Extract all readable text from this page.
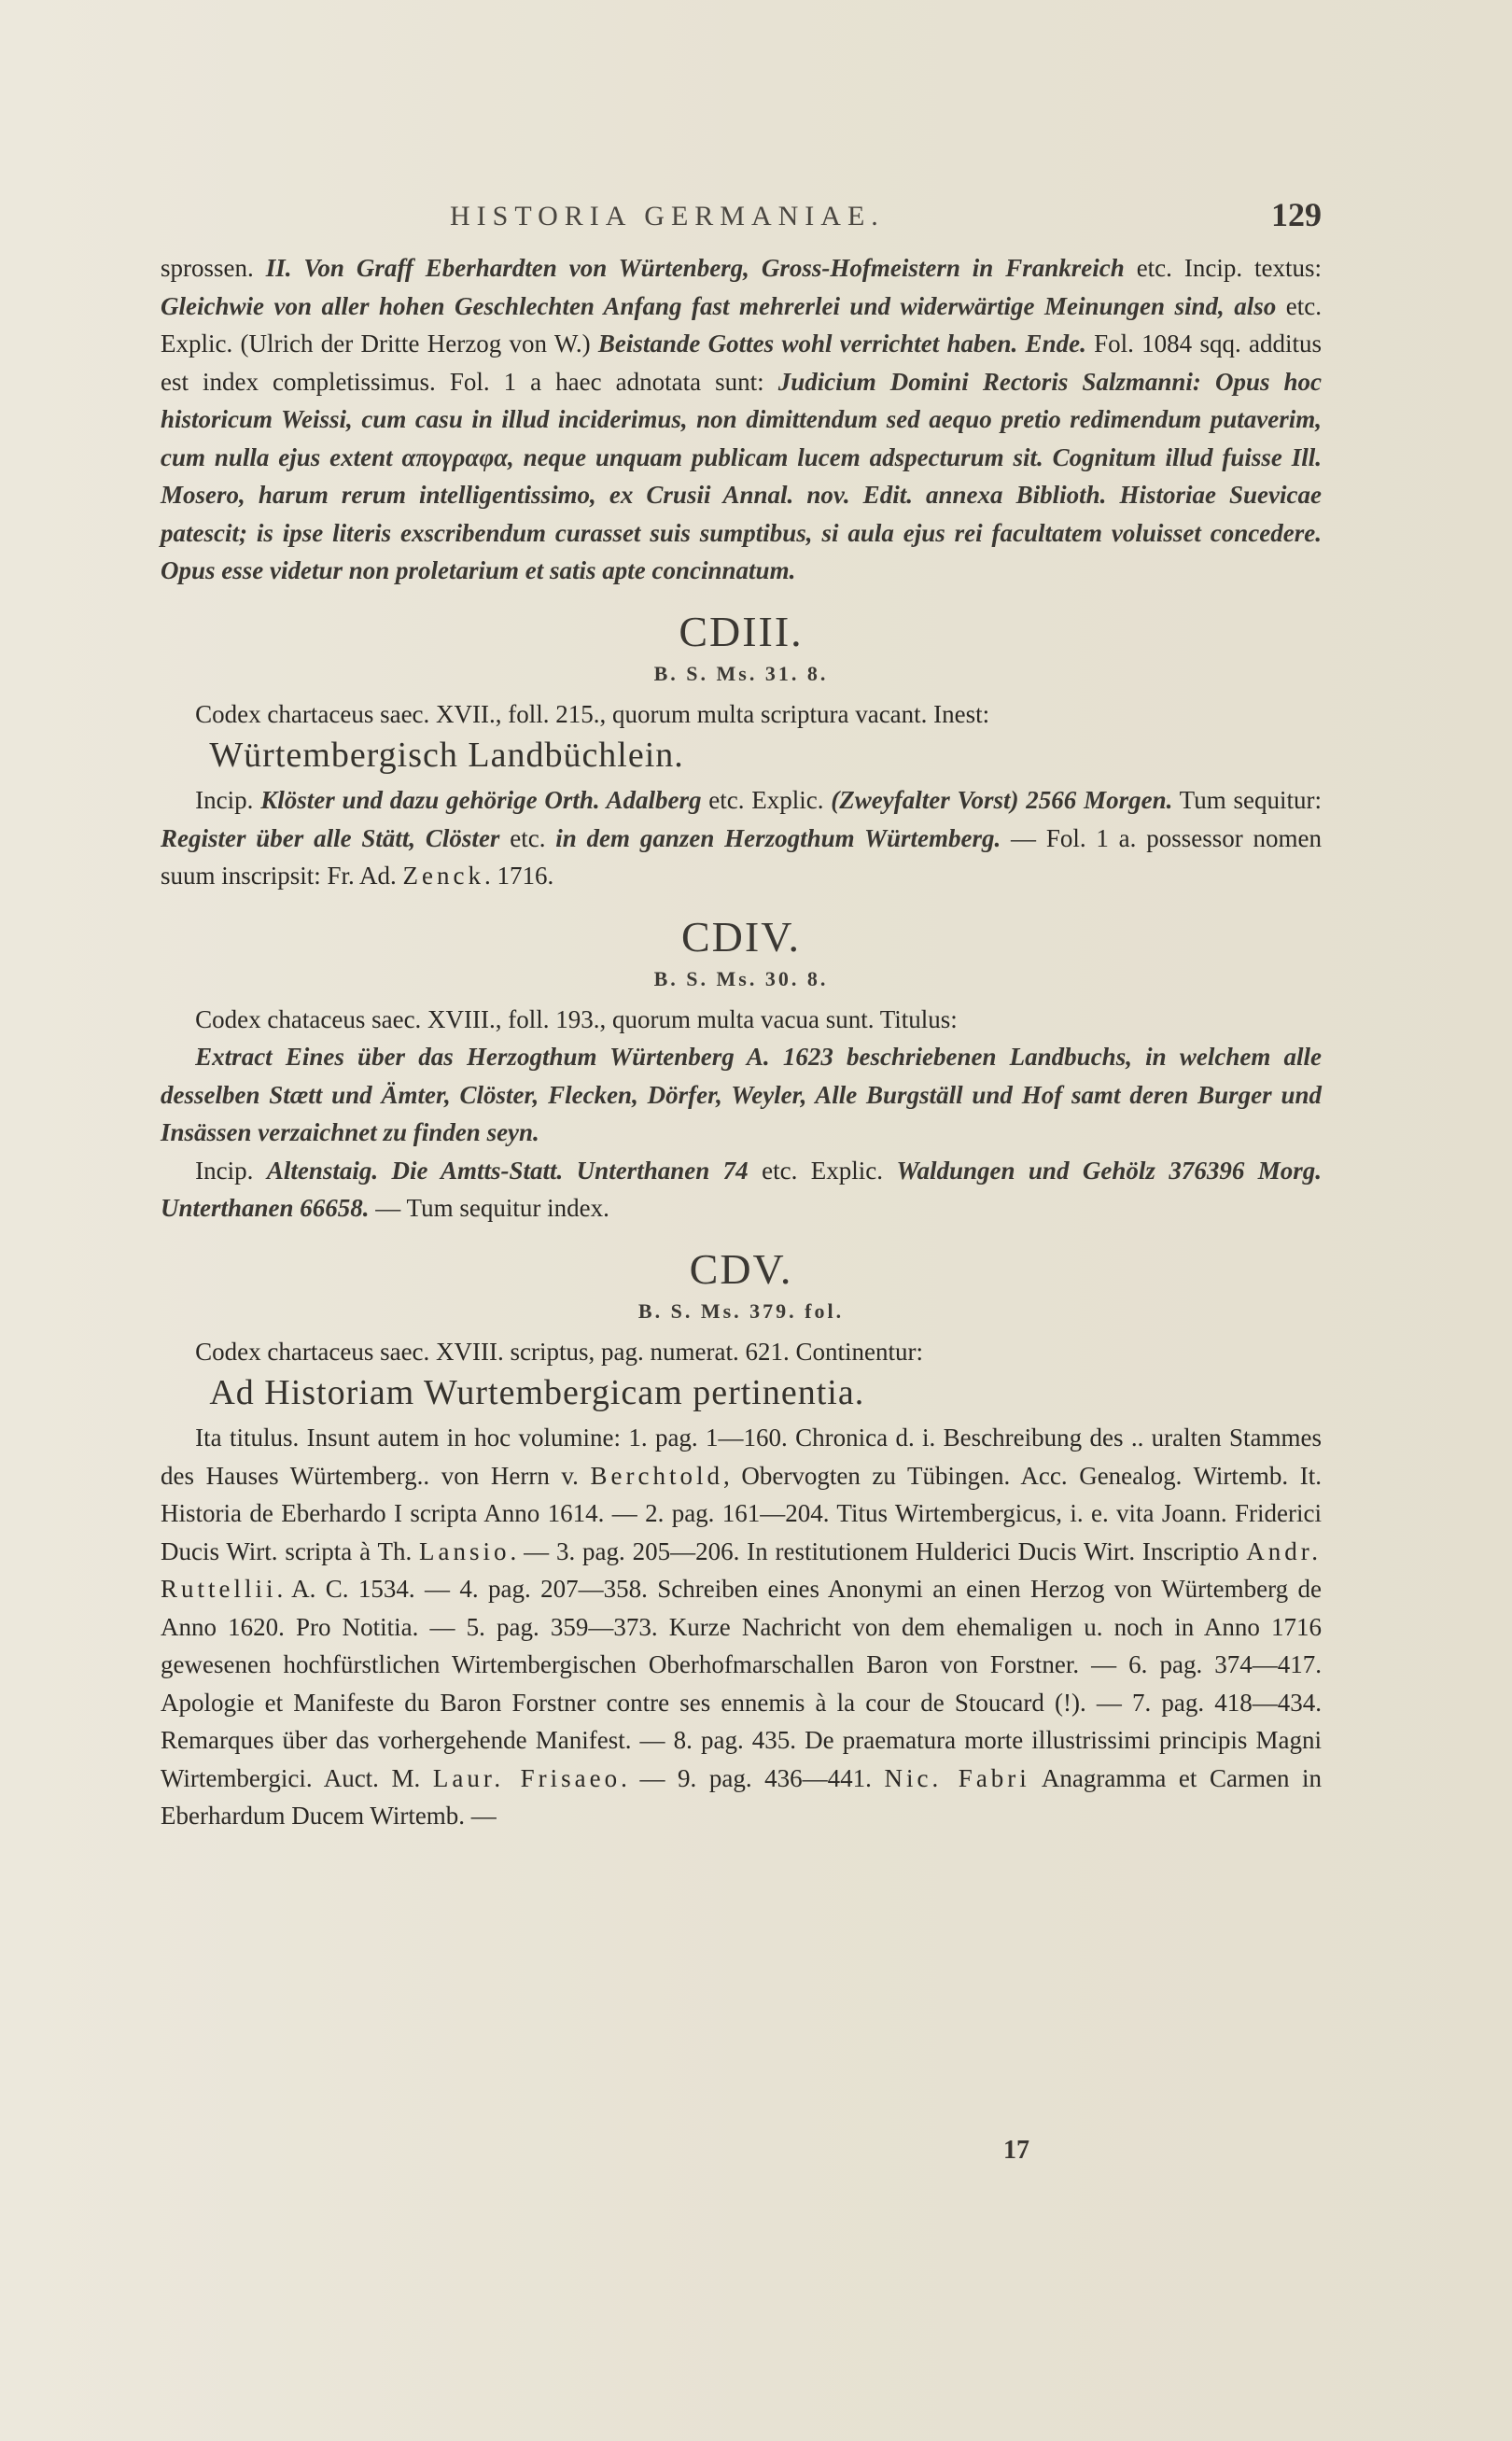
HISTORIA GERMANIAE.	129

sprossen. II. Von Graff Eberhardten von Würtenberg, Gross-Hofmeistern in Frankreich etc. Incip. textus: Gleichwie von aller hohen Geschlechten Anfang fast mehrerlei und widerwärtige Meinungen sind, also etc. Explic. (Ulrich der Dritte Herzog von W.) Beistande Gottes wohl verrichtet haben. Ende. Fol. 1084 sqq. additus est index completissimus. Fol. 1 a haec adnotata sunt: Judicium Domini Rectoris Salzmanni: Opus hoc historicum Weissi, cum casu in illud inciderimus, non dimittendum sed aequo pretio redimendum putaverim, cum nulla ejus extent απογραφα, neque unquam publicam lucem adspecturum sit. Cognitum illud fuisse Ill. Mosero, harum rerum intelligentissimo, ex Crusii Annal. nov. Edit. annexa Biblioth. Historiae Suevicae patescit; is ipse literis exscribendum curasset suis sumptibus, si aula ejus rei facultatem voluisset concedere. Opus esse videtur non proletarium et satis apte concinnatum.

CDIII.
B. S. Ms. 31. 8.

Codex chartaceus saec. XVII., foll. 215., quorum multa scriptura vacant. Inest:

Würtembergisch Landbüchlein.

Incip. Klöster und dazu gehörige Orth. Adalberg etc. Explic. (Zweyfalter Vorst) 2566 Morgen. Tum sequitur: Register über alle Stätt, Clöster etc. in dem ganzen Herzogthum Würtemberg. — Fol. 1 a. possessor nomen suum inscripsit: Fr. Ad. Zenck. 1716.

CDIV.
B. S. Ms. 30. 8.

Codex chataceus saec. XVIII., foll. 193., quorum multa vacua sunt. Titulus:

Extract Eines über das Herzogthum Würtenberg A. 1623 beschriebenen Landbuchs, in welchem alle desselben Stætt und Ämter, Clöster, Flecken, Dörfer, Weyler, Alle Burgställ und Hof samt deren Burger und Insässen verzaichnet zu finden seyn.

Incip. Altenstaig. Die Amtts-Statt. Unterthanen 74 etc. Explic. Waldungen und Gehölz 376396 Morg. Unterthanen 66658. — Tum sequitur index.

CDV.
B. S. Ms. 379. fol.

Codex chartaceus saec. XVIII. scriptus, pag. numerat. 621. Continentur:

Ad Historiam Wurtembergicam pertinentia.

Ita titulus. Insunt autem in hoc volumine: 1. pag. 1—160. Chronica d. i. Beschreibung des .. uralten Stammes des Hauses Würtemberg.. von Herrn v. Berchtold, Obervogten zu Tübingen. Acc. Genealog. Wirtemb. It. Historia de Eberhardo I scripta Anno 1614. — 2. pag. 161—204. Titus Wirtembergicus, i. e. vita Joann. Friderici Ducis Wirt. scripta à Th. Lansio. — 3. pag. 205—206. In restitutionem Hulderici Ducis Wirt. Inscriptio Andr. Ruttellii. A. C. 1534. — 4. pag. 207—358. Schreiben eines Anonymi an einen Herzog von Würtemberg de Anno 1620. Pro Notitia. — 5. pag. 359—373. Kurze Nachricht von dem ehemaligen u. noch in Anno 1716 gewesenen hochfürstlichen Wirtembergischen Oberhofmarschallen Baron von Forstner. — 6. pag. 374—417. Apologie et Manifeste du Baron Forstner contre ses ennemis à la cour de Stoucard (!). — 7. pag. 418—434. Remarques über das vorhergehende Manifest. — 8. pag. 435. De praematura morte illustrissimi principis Magni Wirtembergici. Auct. M. Laur. Frisaeo. — 9. pag. 436—441. Nic. Fabri Anagramma et Carmen in Eberhardum Ducem Wirtemb. —

17
